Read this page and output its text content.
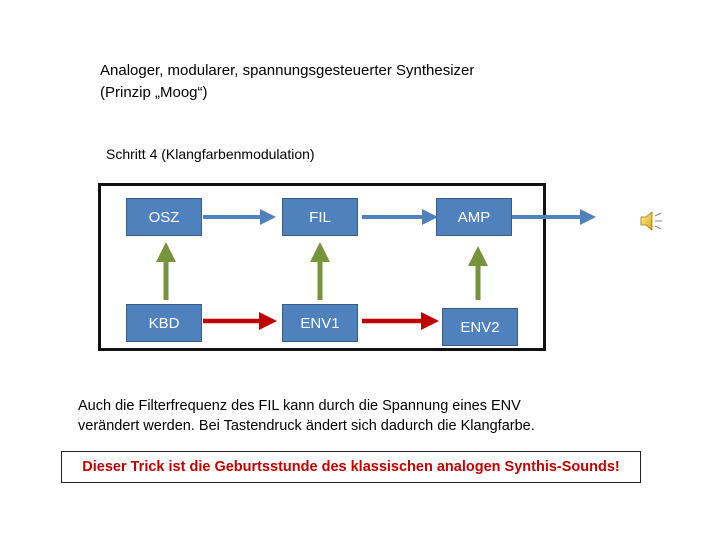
Analoger, modularer, spannungsgesteuerter Synthesizer
(Prinzip „Moog“)
Schritt 4 (Klangfarbenmodulation)
OSZ	FIL	AMP
KBD	ENV1	ENV2
Auch die Filterfrequenz des FIL kann durch die Spannung eines ENV
verändert werden. Bei Tastendruck ändert sich dadurch die Klangfarbe.
Dieser Trick ist die Geburtsstunde des klassischen analogen Synthis-Sounds!
